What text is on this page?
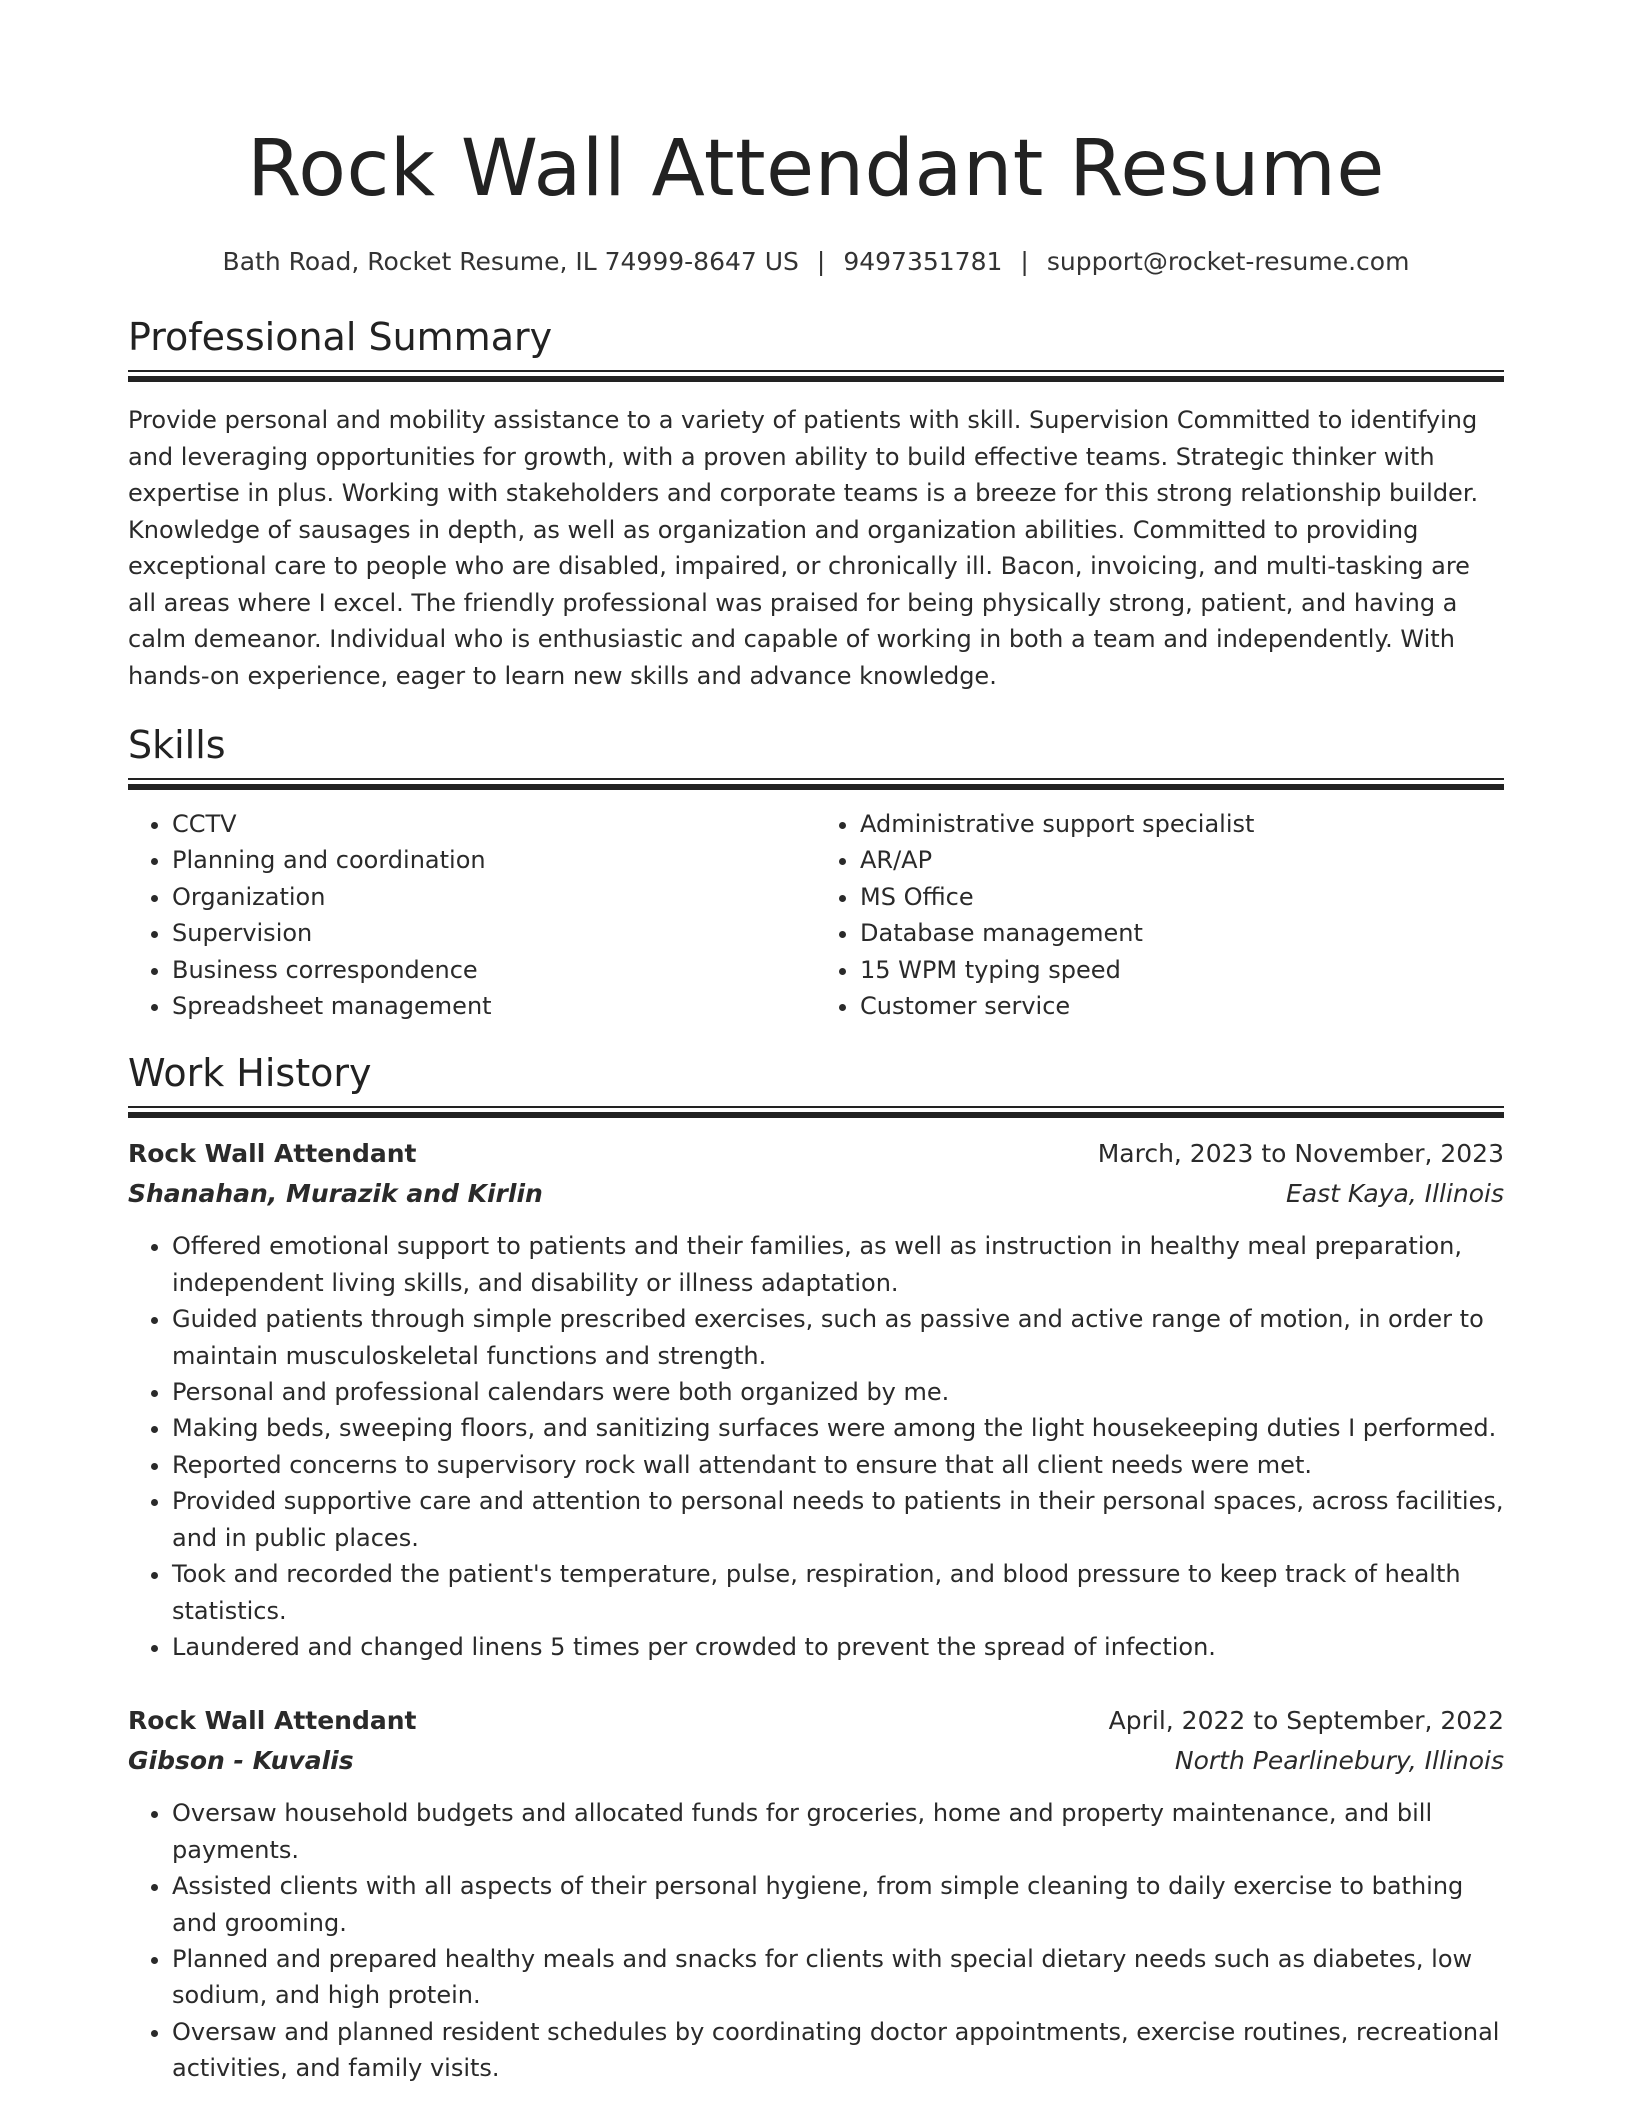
Rock Wall Attendant Resume
Bath Road, Rocket Resume, IL 74999-8647 US | 9497351781 | support@rocket-resume.com
Professional Summary

Provide personal and mobility assistance to a variety of patients with skill. Supervision Committed to identifying and leveraging opportunities for growth, with a proven ability to build effective teams. Strategic thinker with expertise in plus. Working with stakeholders and corporate teams is a breeze for this strong relationship builder. Knowledge of sausages in depth, as well as organization and organization abilities. Committed to providing exceptional care to people who are disabled, impaired, or chronically ill. Bacon, invoicing, and multi-tasking are all areas where I excel. The friendly professional was praised for being physically strong, patient, and having a calm demeanor. Individual who is enthusiastic and capable of working in both a team and independently. With hands-on experience, eager to learn new skills and advance knowledge.

Skills
• CCTV
• Planning and coordination
• Organization
• Supervision
• Business correspondence
• Spreadsheet management
• Administrative support specialist
• AR/AP
• MS Office
• Database management
• 15 WPM typing speed
• Customer service
Work History
Rock Wall Attendant	March, 2023 to November, 2023
Shanahan, Murazik and Kirlin	East Kaya, Illinois
• Offered emotional support to patients and their families, as well as instruction in healthy meal preparation, independent living skills, and disability or illness adaptation.
• Guided patients through simple prescribed exercises, such as passive and active range of motion, in order to maintain musculoskeletal functions and strength.
• Personal and professional calendars were both organized by me.
• Making beds, sweeping floors, and sanitizing surfaces were among the light housekeeping duties I performed.
• Reported concerns to supervisory rock wall attendant to ensure that all client needs were met.
• Provided supportive care and attention to personal needs to patients in their personal spaces, across facilities, and in public places.
• Took and recorded the patient's temperature, pulse, respiration, and blood pressure to keep track of health statistics.
• Laundered and changed linens 5 times per crowded to prevent the spread of infection.
Rock Wall Attendant	April, 2022 to September, 2022
Gibson - Kuvalis	North Pearlinebury, Illinois
• Oversaw household budgets and allocated funds for groceries, home and property maintenance, and bill payments.
• Assisted clients with all aspects of their personal hygiene, from simple cleaning to daily exercise to bathing and grooming.
• Planned and prepared healthy meals and snacks for clients with special dietary needs such as diabetes, low sodium, and high protein.
• Oversaw and planned resident schedules by coordinating doctor appointments, exercise routines, recreational activities, and family visits.
